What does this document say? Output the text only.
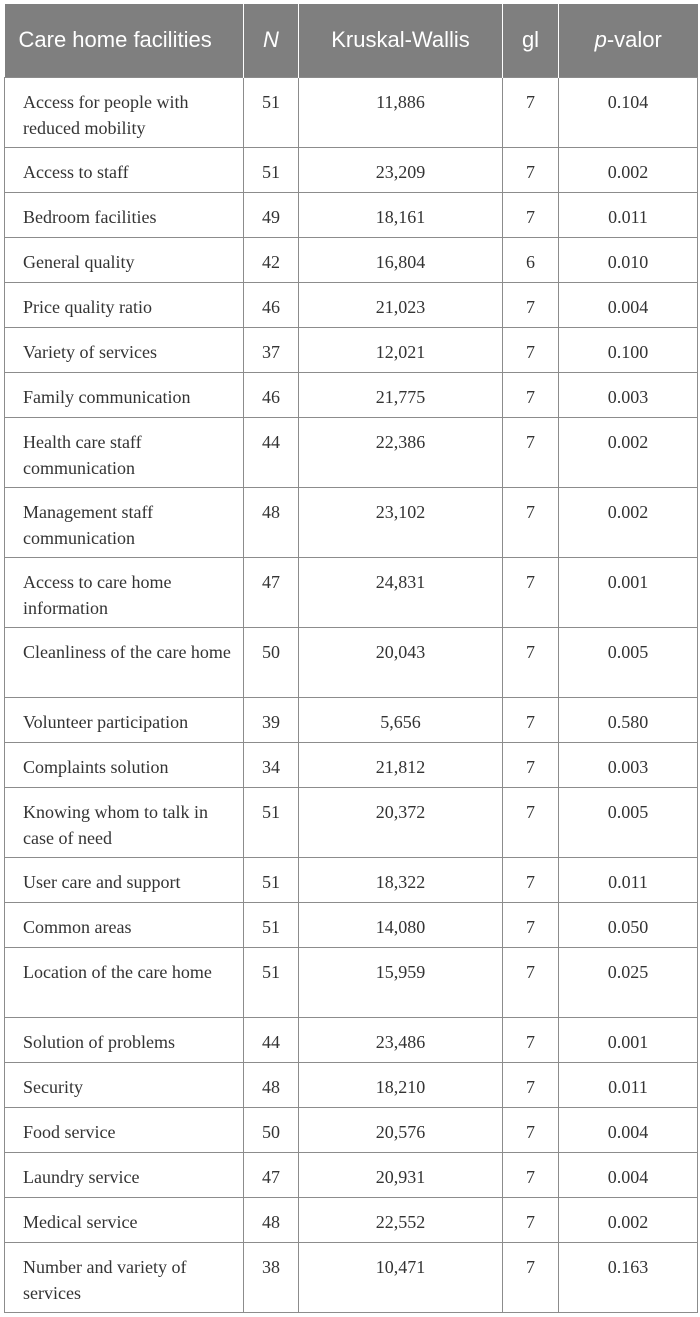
Care home facilities	N	Kruskal-Wallis	gl	p-valor
Access for people with reduced mobility	51	11,886	7	0.104
Access to staff	51	23,209	7	0.002
Bedroom facilities	49	18,161	7	0.011
General quality	42	16,804	6	0.010
Price quality ratio	46	21,023	7	0.004
Variety of services	37	12,021	7	0.100
Family communication	46	21,775	7	0.003
Health care staff communication	44	22,386	7	0.002
Management staff communication	48	23,102	7	0.002
Access to care home information	47	24,831	7	0.001
Cleanliness of the care home	50	20,043	7	0.005
Volunteer participation	39	5,656	7	0.580
Complaints solution	34	21,812	7	0.003
Knowing whom to talk in case of need	51	20,372	7	0.005
User care and support	51	18,322	7	0.011
Common areas	51	14,080	7	0.050
Location of the care home	51	15,959	7	0.025
Solution of problems	44	23,486	7	0.001
Security	48	18,210	7	0.011
Food service	50	20,576	7	0.004
Laundry service	47	20,931	7	0.004
Medical service	48	22,552	7	0.002
Number and variety of services	38	10,471	7	0.163
